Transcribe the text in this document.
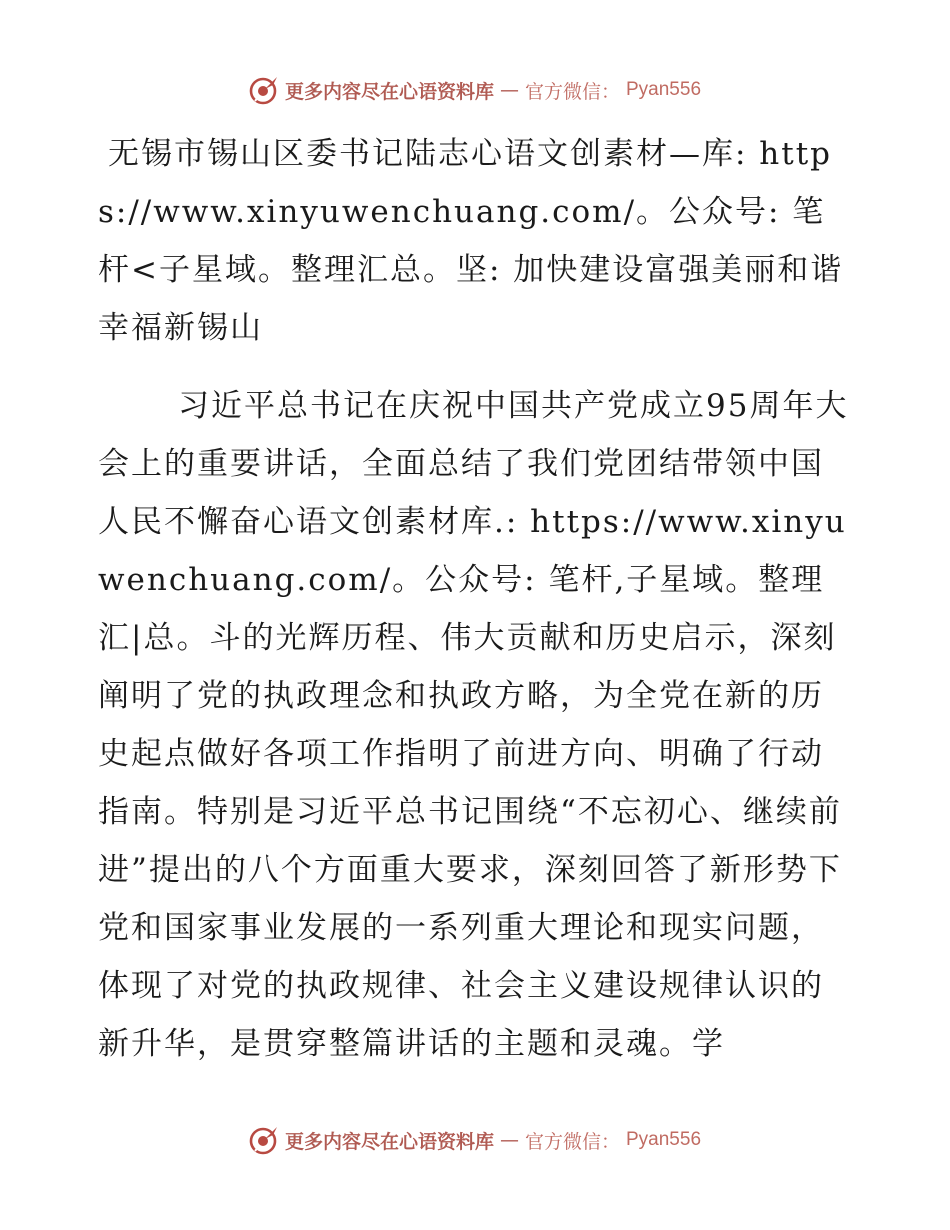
更多内容尽在心语资料库 — 官方微信： Pyan556

无锡市锡山区委书记陆志心语文创素材—库: https://www.xinyuwenchuang.com/。公众号: 笔杆<子星域。整理汇总。坚: 加快建设富强美丽和谐幸福新锡山

习近平总书记在庆祝中国共产党成立95周年大会上的重要讲话，全面总结了我们党团结带领中国人民不懈奋心语文创素材库.: https://www.xinyuwenchuang.com/。公众号: 笔杆,子星域。整理汇|总。斗的光辉历程、伟大贡献和历史启示，深刻阐明了党的执政理念和执政方略，为全党在新的历史起点做好各项工作指明了前进方向、明确了行动指南。特别是习近平总书记围绕“不忘初心、继续前进”提出的八个方面重大要求，深刻回答了新形势下党和国家事业发展的一系列重大理论和现实问题，体现了对党的执政规律、社会主义建设规律认识的新升华，是贯穿整篇讲话的主题和灵魂。学

更多内容尽在心语资料库 — 官方微信： Pyan556
